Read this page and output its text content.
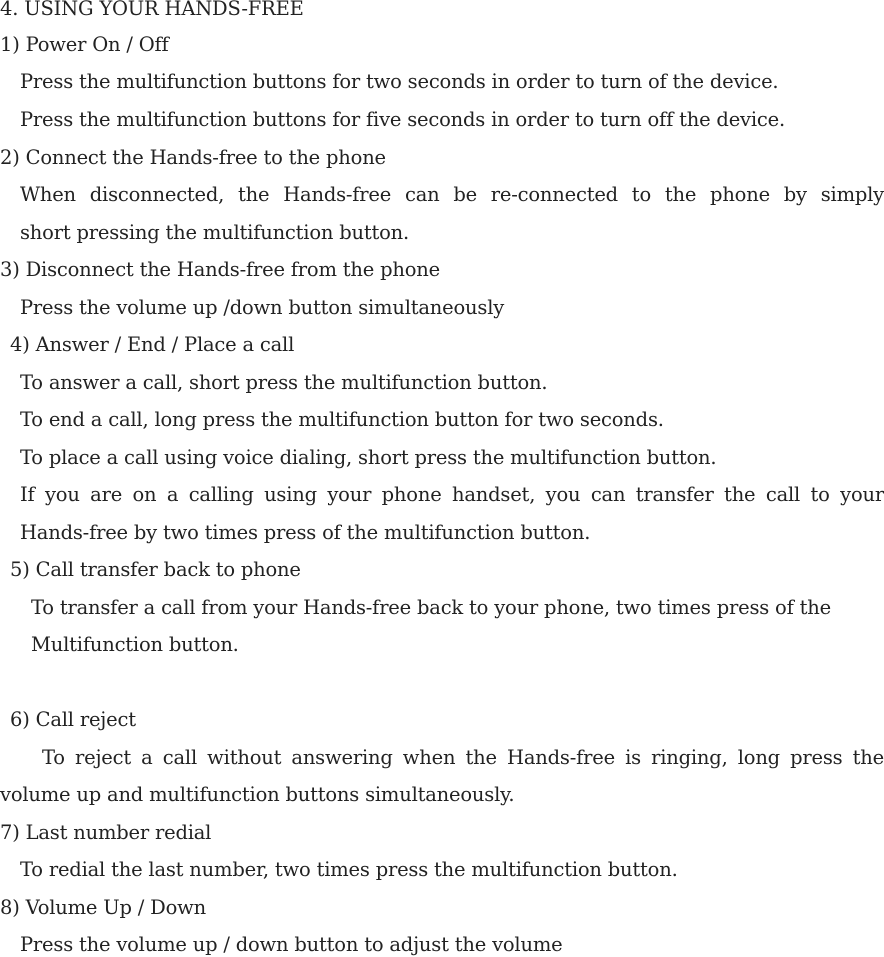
4. USING YOUR HANDS-FREE
1) Power On / Off
Press the multifunction buttons for two seconds in order to turn of the device.
Press the multifunction buttons for five seconds in order to turn off the device.
2) Connect the Hands-free to the phone
When disconnected, the Hands-free can be re-connected to the phone by simply
short pressing the multifunction button.
3) Disconnect the Hands-free from the phone
Press the volume up /down button simultaneously
4) Answer / End / Place a call
To answer a call, short press the multifunction button.
To end a call, long press the multifunction button for two seconds.
To place a call using voice dialing, short press the multifunction button.
If you are on a calling using your phone handset, you can transfer the call to your
Hands-free by two times press of the multifunction button.
5) Call transfer back to phone
To transfer a call from your Hands-free back to your phone, two times press of the
Multifunction button.
6) Call reject
To reject a call without answering when the Hands-free is ringing, long press the
volume up and multifunction buttons simultaneously.
7) Last number redial
To redial the last number, two times press the multifunction button.
8) Volume Up / Down
Press the volume up / down button to adjust the volume
